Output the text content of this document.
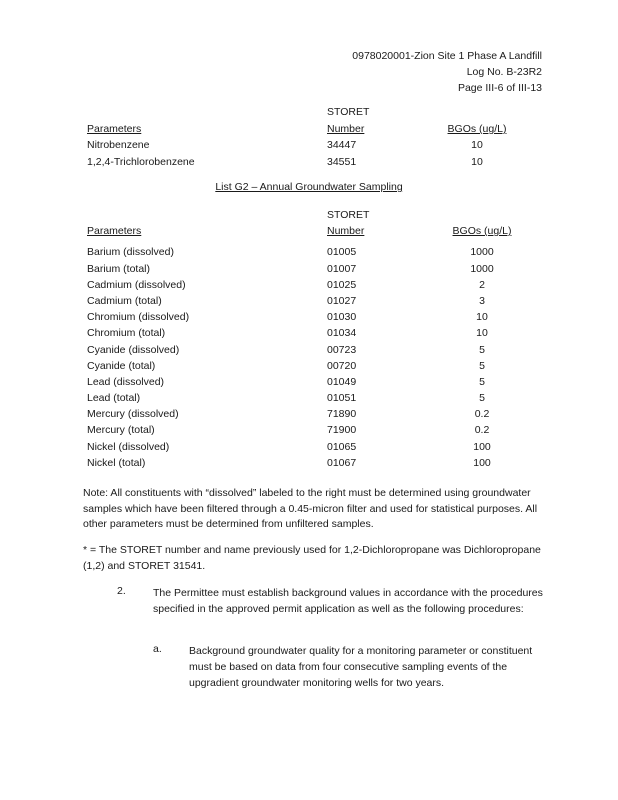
0978020001-Zion Site 1 Phase A Landfill
Log No. B-23R2
Page III-6 of III-13
STORET
Parameters	Number	BGOs (ug/L)
Nitrobenzene	34447	10
1,2,4-Trichlorobenzene	34551	10
List G2 – Annual Groundwater Sampling
STORET
Parameters	Number	BGOs (ug/L)
Barium (dissolved)	01005	1000
Barium (total)	01007	1000
Cadmium (dissolved)	01025	2
Cadmium (total)	01027	3
Chromium (dissolved)	01030	10
Chromium (total)	01034	10
Cyanide (dissolved)	00723	5
Cyanide (total)	00720	5
Lead (dissolved)	01049	5
Lead (total)	01051	5
Mercury (dissolved)	71890	0.2
Mercury (total)	71900	0.2
Nickel (dissolved)	01065	100
Nickel (total)	01067	100
Note: All constituents with “dissolved” labeled to the right must be determined using groundwater samples which have been filtered through a 0.45-micron filter and used for statistical purposes. All other parameters must be determined from unfiltered samples.
* = The STORET number and name previously used for 1,2-Dichloropropane was Dichloropropane (1,2) and STORET 31541.
2.	The Permittee must establish background values in accordance with the procedures specified in the approved permit application as well as the following procedures:
a.	Background groundwater quality for a monitoring parameter or constituent must be based on data from four consecutive sampling events of the upgradient groundwater monitoring wells for two years.
